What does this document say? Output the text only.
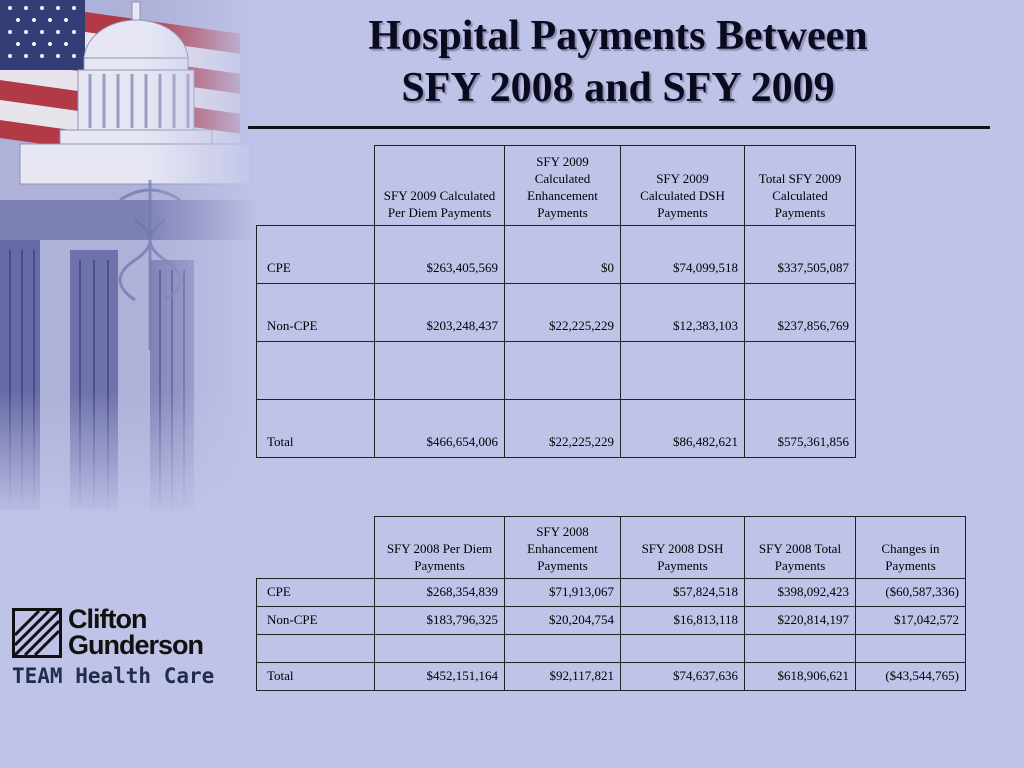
Hospital Payments Between
SFY 2008 and SFY 2009
	SFY 2009 Calculated Per Diem Payments	SFY 2009 Calculated Enhancement Payments	SFY 2009 Calculated DSH Payments	Total SFY 2009 Calculated Payments
CPE	$263,405,569	$0	$74,099,518	$337,505,087
Non-CPE	$203,248,437	$22,225,229	$12,383,103	$237,856,769

Total	$466,654,006	$22,225,229	$86,482,621	$575,361,856
	SFY 2008 Per Diem Payments	SFY 2008 Enhancement Payments	SFY 2008 DSH Payments	SFY 2008 Total Payments	Changes in Payments
CPE	$268,354,839	$71,913,067	$57,824,518	$398,092,423	($60,587,336)
Non-CPE	$183,796,325	$20,204,754	$16,813,118	$220,814,197	$17,042,572

Total	$452,151,164	$92,117,821	$74,637,636	$618,906,621	($43,544,765)
Clifton
Gunderson
TEAM Health Care
